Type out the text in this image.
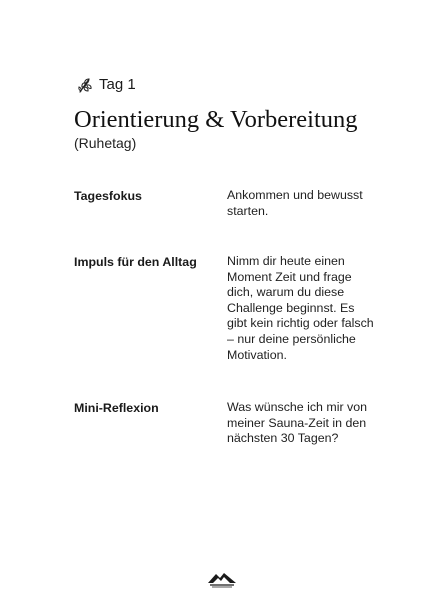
Tag 1
Orientierung & Vorbereitung

(Ruhetag)

Tagesfokus	Ankommen und bewusst starten.
Impuls für den Alltag Nimm dir heute einen Moment Zeit und frage dich, warum du diese Challenge beginnst. Es gibt kein richtig oder falsch – nur deine persönliche Motivation.
Mini-Reflexion	Was wünsche ich mir von meiner Sauna-Zeit in den nächsten 30 Tagen?
